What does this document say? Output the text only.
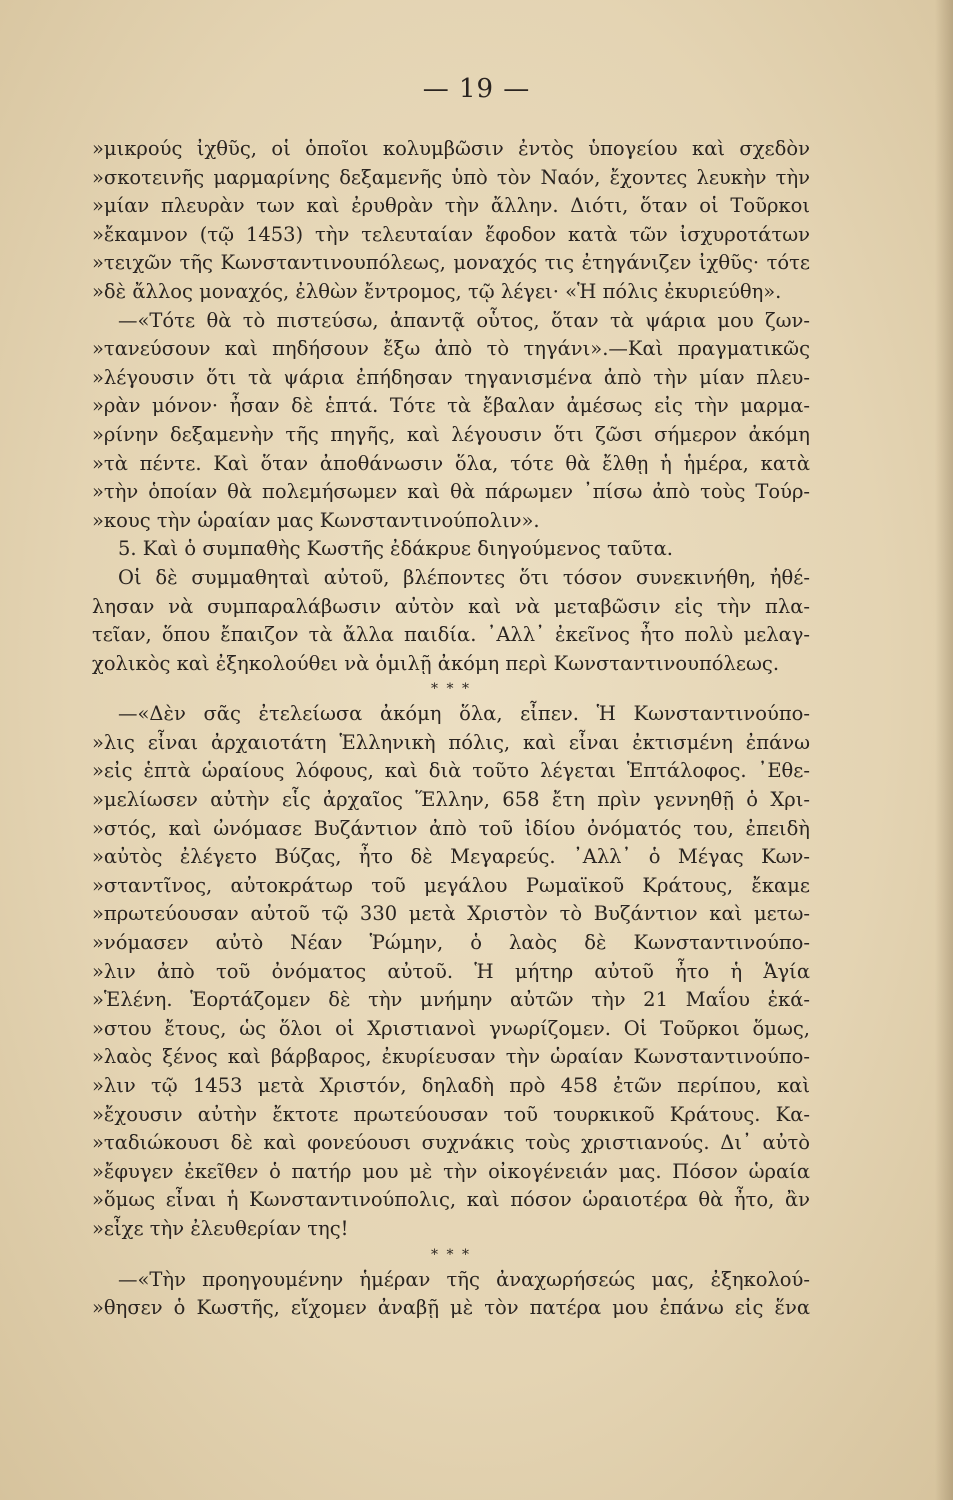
— 19 —
»μικρούς ἰχθῦς, οἱ ὁποῖοι κολυμβῶσιν ἐντὸς ὑπογείου καὶ σχεδὸν
»σκοτεινῆς μαρμαρίνης δεξαμενῆς ὑπὸ τὸν Ναόν, ἔχοντες λευκὴν τὴν
»μίαν πλευρὰν των καὶ ἐρυθρὰν τὴν ἄλλην. Διότι, ὅταν οἱ Τοῦρκοι
»ἔκαμνον (τῷ 1453) τὴν τελευταίαν ἔφοδον κατὰ τῶν ἰσχυροτάτων
»τειχῶν τῆς Κωνσταντινουπόλεως, μοναχός τις ἐτηγάνιζεν ἰχθῦς· τότε
»δὲ ἄλλος μοναχός, ἐλθὼν ἔντρομος, τῷ λέγει· «Ἡ πόλις ἐκυριεύθη».
—«Τότε θὰ τὸ πιστεύσω, ἀπαντᾷ οὗτος, ὅταν τὰ ψάρια μου ζων-
»τανεύσουν καὶ πηδήσουν ἔξω ἀπὸ τὸ τηγάνι».—Καὶ πραγματικῶς
»λέγουσιν ὅτι τὰ ψάρια ἐπήδησαν τηγανισμένα ἀπὸ τὴν μίαν πλευ-
»ρὰν μόνον· ἦσαν δὲ ἑπτά. Τότε τὰ ἔβαλαν ἀμέσως εἰς τὴν μαρμα-
»ρίνην δεξαμενὴν τῆς πηγῆς, καὶ λέγουσιν ὅτι ζῶσι σήμερον ἀκόμη
»τὰ πέντε. Καὶ ὅταν ἀποθάνωσιν ὅλα, τότε θὰ ἔλθῃ ἡ ἡμέρα, κατὰ
»τὴν ὁποίαν θὰ πολεμήσωμεν καὶ θὰ πάρωμεν ᾽πίσω ἀπὸ τοὺς Τούρ-
»κους τὴν ὡραίαν μας Κωνσταντινούπολιν».
5. Καὶ ὁ συμπαθὴς Κωστῆς ἐδάκρυε διηγούμενος ταῦτα.
Οἱ δὲ συμμαθηταὶ αὐτοῦ, βλέποντες ὅτι τόσον συνεκινήθη, ἠθέ-
λησαν νὰ συμπαραλάβωσιν αὐτὸν καὶ νὰ μεταβῶσιν εἰς τὴν πλα-
τεῖαν, ὅπου ἔπαιζον τὰ ἄλλα παιδία. ᾽Αλλ᾽ ἐκεῖνος ἦτο πολὺ μελαγ-
χολικὸς καὶ ἐξηκολούθει νὰ ὁμιλῇ ἀκόμη περὶ Κωνσταντινουπόλεως.
* * *
—«Δὲν σᾶς ἐτελείωσα ἀκόμη ὅλα, εἶπεν. Ἡ Κωνσταντινούπο-
»λις εἶναι ἀρχαιοτάτη Ἑλληνικὴ πόλις, καὶ εἶναι ἐκτισμένη ἐπάνω
»εἰς ἑπτὰ ὡραίους λόφους, καὶ διὰ τοῦτο λέγεται Ἑπτάλοφος. ᾽Εθε-
»μελίωσεν αὐτὴν εἷς ἀρχαῖος Ἕλλην, 658 ἔτη πρὶν γεννηθῇ ὁ Χρι-
»στός, καὶ ὠνόμασε Βυζάντιον ἀπὸ τοῦ ἰδίου ὀνόματός του, ἐπειδὴ
»αὐτὸς ἐλέγετο Βύζας, ἦτο δὲ Μεγαρεύς. ᾽Αλλ᾽ ὁ Μέγας Κων-
»σταντῖνος, αὐτοκράτωρ τοῦ μεγάλου Ρωμαϊκοῦ Κράτους, ἔκαμε
»πρωτεύουσαν αὐτοῦ τῷ 330 μετὰ Χριστὸν τὸ Βυζάντιον καὶ μετω-
»νόμασεν αὐτὸ Νέαν Ῥώμην, ὁ λαὸς δὲ Κωνσταντινούπο-
»λιν ἀπὸ τοῦ ὀνόματος αὐτοῦ. Ἡ μήτηρ αὐτοῦ ἦτο ἡ Ἁγία
»Ἑλένη. Ἑορτάζομεν δὲ τὴν μνήμην αὐτῶν τὴν 21 Μαΐου ἑκά-
»στου ἔτους, ὡς ὅλοι οἱ Χριστιανοὶ γνωρίζομεν. Οἱ Τοῦρκοι ὅμως,
»λαὸς ξένος καὶ βάρβαρος, ἐκυρίευσαν τὴν ὡραίαν Κωνσταντινούπο-
»λιν τῷ 1453 μετὰ Χριστόν, δηλαδὴ πρὸ 458 ἐτῶν περίπου, καὶ
»ἔχουσιν αὐτὴν ἔκτοτε πρωτεύουσαν τοῦ τουρκικοῦ Κράτους. Κα-
»ταδιώκουσι δὲ καὶ φονεύουσι συχνάκις τοὺς χριστιανούς. Δι᾽ αὐτὸ
»ἔφυγεν ἐκεῖθεν ὁ πατήρ μου μὲ τὴν οἰκογένειάν μας. Πόσον ὡραία
»ὅμως εἶναι ἡ Κωνσταντινούπολις, καὶ πόσον ὡραιοτέρα θὰ ἦτο, ἂν
»εἶχε τὴν ἐλευθερίαν της!
* * *
—«Τὴν προηγουμένην ἡμέραν τῆς ἀναχωρήσεώς μας, ἐξηκολού-
»θησεν ὁ Κωστῆς, εἴχομεν ἀναβῇ μὲ τὸν πατέρα μου ἐπάνω εἰς ἕνα
